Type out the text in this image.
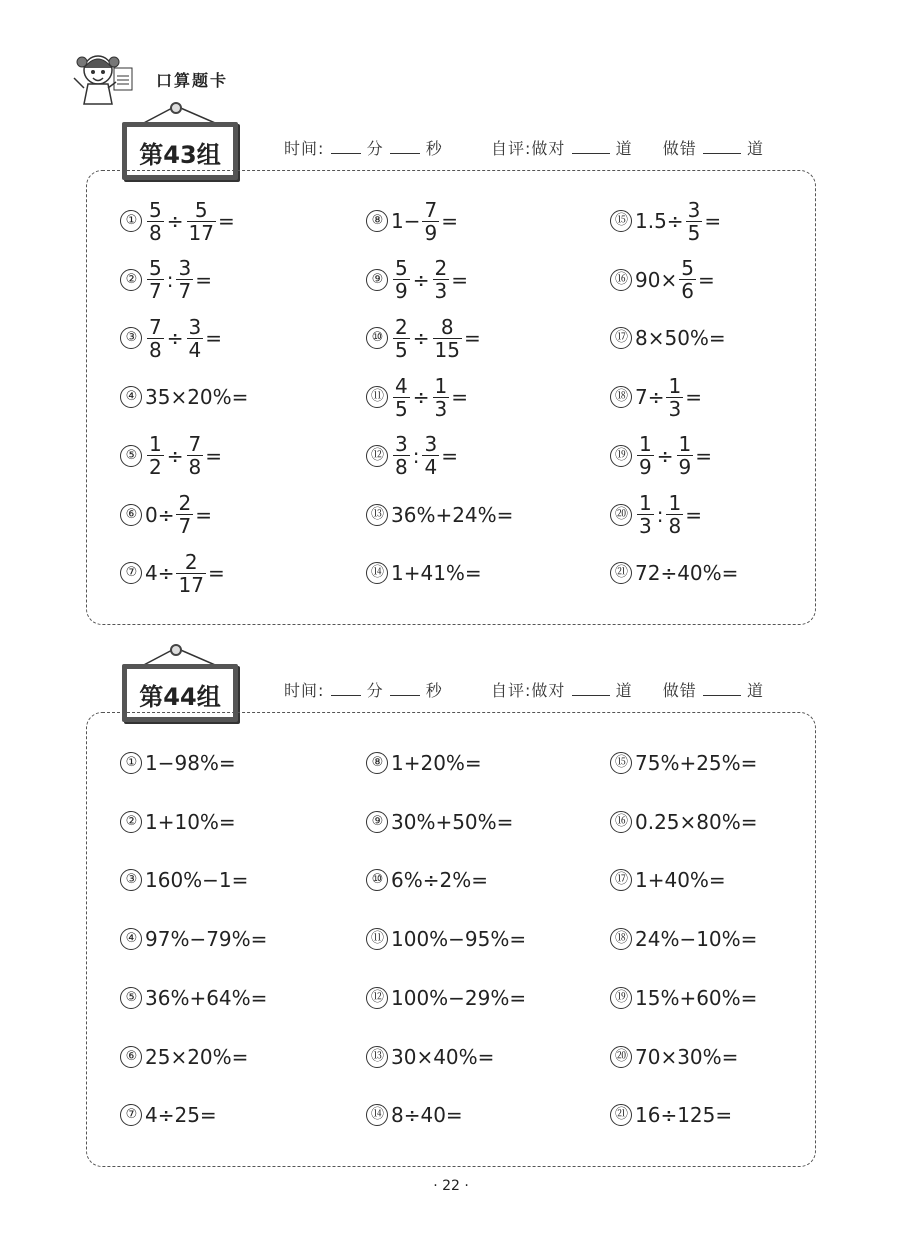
口算题卡
第43组	时间:	分	秒	自评:做对	道 做错	道
① $\frac{5}{8} \div \frac{5}{17}$ =
② $\frac{5}{7}$ : $\frac{3}{7}$ =
③ $\frac{7}{8} \div \frac{3}{4}$ =
④ 35×20%=
⑤ $\frac{1}{2} \div \frac{7}{8}$ =
⑥ $0\div \frac{2}{7}$ =
⑦ $4\div \frac{2}{17}$ =
⑧ $1- \frac{7}{9}$ =
⑨ $\frac{5}{9} \div \frac{2}{3}$ =
⑩ $\frac{2}{5} \div \frac{8}{15}$ =
⑪ $\frac{4}{5} \div \frac{1}{3}$ =
⑫ $\frac{3}{8}$ : $\frac{3}{4}$ =
⑬ 36%+24%=
⑭ 1+41%=
⑮ $1.5\div \frac{3}{5}$ =
⑯ $90\times \frac{5}{6}$ =
⑰ 8×50%=
⑱ $7\div \frac{1}{3}$ =
⑲ $\frac{1}{9} \div \frac{1}{9}$ =
⑳ $\frac{1}{3}$ : $\frac{1}{8}$ =
㉑ 72÷40%=
第44组	时间:	分	秒	自评:做对	道 做错	道
① 1−98%=
② 1+10%=
③ 160%−1=
④ 97%−79%=
⑤ 36%+64%=
⑥ 25×20%=
⑦ 4÷25=
⑧ 1+20%=
⑨ 30%+50%=
⑩ 6%÷2%=
⑪ 100%−95%=
⑫ 100%−29%=
⑬ 30×40%=
⑭ 8÷40=
⑮ 75%+25%=
⑯ 0.25×80%=
⑰ 1+40%=
⑱ 24%−10%=
⑲ 15%+60%=
⑳ 70×30%=
㉑ 16÷125=
· 22 ·
